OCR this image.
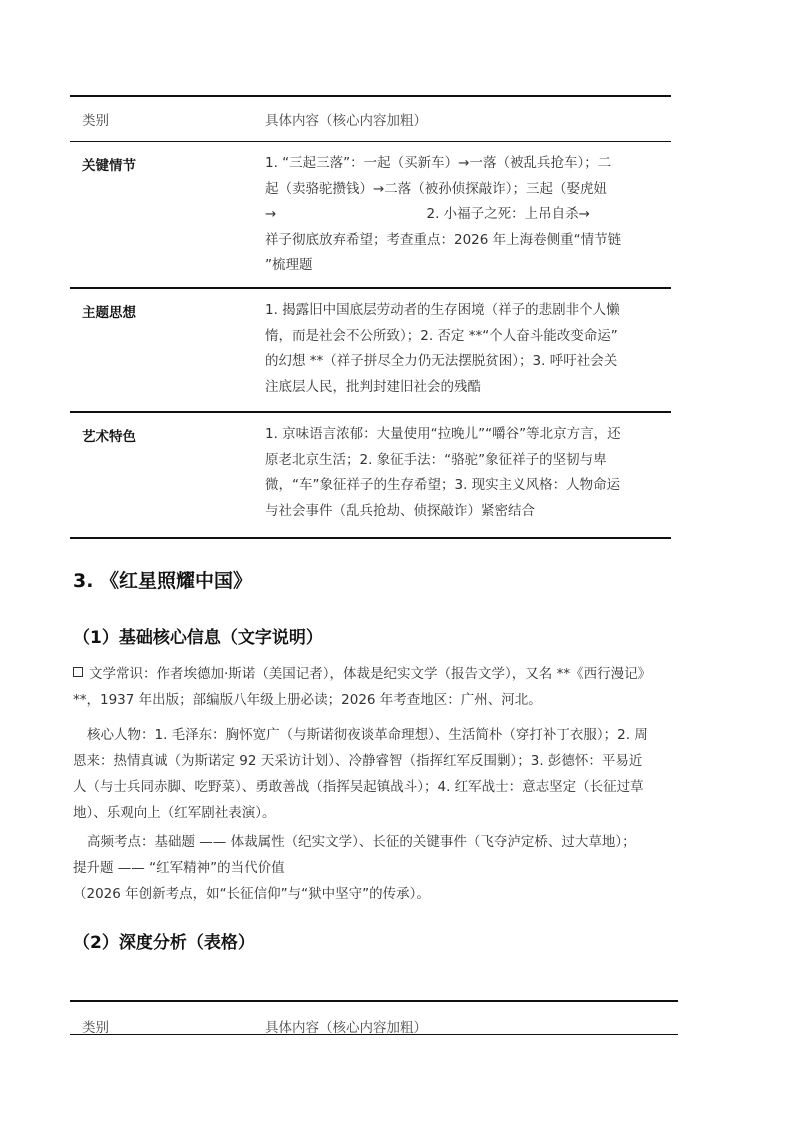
类别	具体内容（核心内容加粗）
关键情节	1. “三起三落”：一起（买新车）→一落（被乱兵抢车）；二
起（卖骆驼攒钱）→二落（被孙侦探敲诈）；三起（娶虎妞
→                                   2. 小福子之死：上吊自杀→
祥子彻底放弃希望；考查重点：2026 年上海卷侧重“情节链
”梳理题
主题思想	1. 揭露旧中国底层劳动者的生存困境（祥子的悲剧非个人懒
惰，而是社会不公所致）；2. 否定 **“个人奋斗能改变命运”
的幻想 **（祥子拼尽全力仍无法摆脱贫困）；3. 呼吁社会关
注底层人民，批判封建旧社会的残酷
艺术特色	1. 京味语言浓郁：大量使用“拉晚儿”“嚼谷”等北京方言，还
原老北京生活；2. 象征手法：“骆驼”象征祥子的坚韧与卑
微，“车”象征祥子的生存希望；3. 现实主义风格：人物命运
与社会事件（乱兵抢劫、侦探敲诈）紧密结合
3. 《红星照耀中国》
（1）基础核心信息（文字说明）
文学常识：作者埃德加·斯诺（美国记者），体裁是纪实文学（报告文学），又名 **《西行漫记》
**，1937 年出版；部编版八年级上册必读；2026 年考查地区：广州、河北。
核心人物：1. 毛泽东：胸怀宽广（与斯诺彻夜谈革命理想）、生活简朴（穿打补丁衣服）；2. 周
恩来：热情真诚（为斯诺定 92 天采访计划）、冷静睿智（指挥红军反围剿）；3. 彭德怀：平易近
人（与士兵同赤脚、吃野菜）、勇敢善战（指挥吴起镇战斗）；4. 红军战士：意志坚定（长征过草
地）、乐观向上（红军剧社表演）。
高频考点：基础题 —— 体裁属性（纪实文学）、长征的关键事件（飞夺泸定桥、过大草地）；
提升题 —— “红军精神”的当代价值
（2026 年创新考点，如“长征信仰”与“狱中坚守”的传承）。
（2）深度分析（表格）
类别	具体内容（核心内容加粗）
